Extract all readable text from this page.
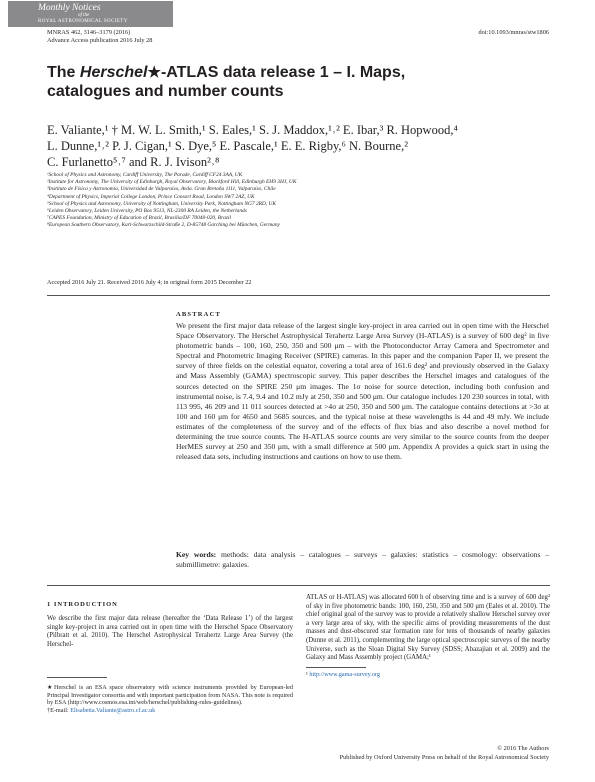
Monthly Notices
of the
ROYAL ASTRONOMICAL SOCIETY
MNRAS 462, 3146–3179 (2016)
Advance Access publication 2016 July 28
doi:10.1093/mnras/stw1806
The Herschel★-ATLAS data release 1 – I. Maps, catalogues and number counts
E. Valiante,¹ † M. W. L. Smith,¹ S. Eales,¹ S. J. Maddox,¹˒² E. Ibar,³ R. Hopwood,⁴
L. Dunne,¹˒² P. J. Cigan,¹ S. Dye,⁵ E. Pascale,¹ E. E. Rigby,⁶ N. Bourne,²
C. Furlanetto⁵˒⁷ and R. J. Ivison²˒⁸
¹School of Physics and Astronomy, Cardiff University, The Parade, Cardiff CF24 3AA, UK
²Institute for Astronomy, The University of Edinburgh, Royal Observatory, Blackford Hill, Edinburgh EH9 3HJ, UK
³Instituto de Física y Astronomía, Universidad de Valparaíso, Avda. Gran Bretaña 1111, Valparaíso, Chile
⁴Department of Physics, Imperial College London, Prince Consort Road, London SW7 2AZ, UK
⁵School of Physics and Astronomy, University of Nottingham, University Park, Nottingham NG7 2RD, UK
⁶Leiden Observatory, Leiden University, PO Box 9513, NL-2300 RA Leiden, the Netherlands
⁷CAPES Foundation, Ministry of Education of Brazil, Brasília/DF 70040-020, Brazil
⁸European Southern Observatory, Karl-Schwarzschild-Straße 2, D-85748 Garching bei München, Germany
Accepted 2016 July 21. Received 2016 July 4; in original form 2015 December 22
ABSTRACT
We present the first major data release of the largest single key-project in area carried out in open time with the Herschel Space Observatory. The Herschel Astrophysical Terahertz Large Area Survey (H-ATLAS) is a survey of 600 deg² in five photometric bands – 100, 160, 250, 350 and 500 μm – with the Photoconductor Array Camera and Spectrometer and Spectral and Photometric Imaging Receiver (SPIRE) cameras. In this paper and the companion Paper II, we present the survey of three fields on the celestial equator, covering a total area of 161.6 deg² and previously observed in the Galaxy and Mass Assembly (GAMA) spectroscopic survey. This paper describes the Herschel images and catalogues of the sources detected on the SPIRE 250 μm images. The 1σ noise for source detection, including both confusion and instrumental noise, is 7.4, 9.4 and 10.2 mJy at 250, 350 and 500 μm. Our catalogue includes 120 230 sources in total, with 113 995, 46 209 and 11 011 sources detected at >4σ at 250, 350 and 500 μm. The catalogue contains detections at >3σ at 100 and 160 μm for 4650 and 5685 sources, and the typical noise at these wavelengths is 44 and 49 mJy. We include estimates of the completeness of the survey and of the effects of flux bias and also describe a novel method for determining the true source counts. The H-ATLAS source counts are very similar to the source counts from the deeper HerMES survey at 250 and 350 μm, with a small difference at 500 μm. Appendix A provides a quick start in using the released data sets, including instructions and cautions on how to use them.
Key words: methods: data analysis – catalogues – surveys – galaxies: statistics – cosmology: observations – submillimetre: galaxies.
1 INTRODUCTION
We describe the first major data release (hereafter the ‘Data Release 1’) of the largest single key-project in area carried out in open time with the Herschel Space Observatory (Pilbratt et al. 2010). The Herschel Astrophysical Terahertz Large Area Survey (the Herschel-
ATLAS or H-ATLAS) was allocated 600 h of observing time and is a survey of 600 deg² of sky in five photometric bands: 100, 160, 250, 350 and 500 μm (Eales et al. 2010). The chief original goal of the survey was to provide a relatively shallow Herschel survey over a very large area of sky, with the specific aims of providing measurements of the dust masses and dust-obscured star formation rate for tens of thousands of nearby galaxies (Dunne et al. 2011), complementing the large optical spectroscopic surveys of the nearby Universe, such as the Sloan Digital Sky Survey (SDSS; Abazajian et al. 2009) and the Galaxy and Mass Assembly project (GAMA;¹
★Herschel is an ESA space observatory with science instruments provided by European-led Principal Investigator consortia and with important participation from NASA. This note is required by ESA (http://www.cosmos.esa.int/web/herschel/publishing-rules-guidelines).
†E-mail: Elisabetta.Valiante@astro.cf.ac.uk
¹ http://www.gama-survey.org
© 2016 The Authors
Published by Oxford University Press on behalf of the Royal Astronomical Society
